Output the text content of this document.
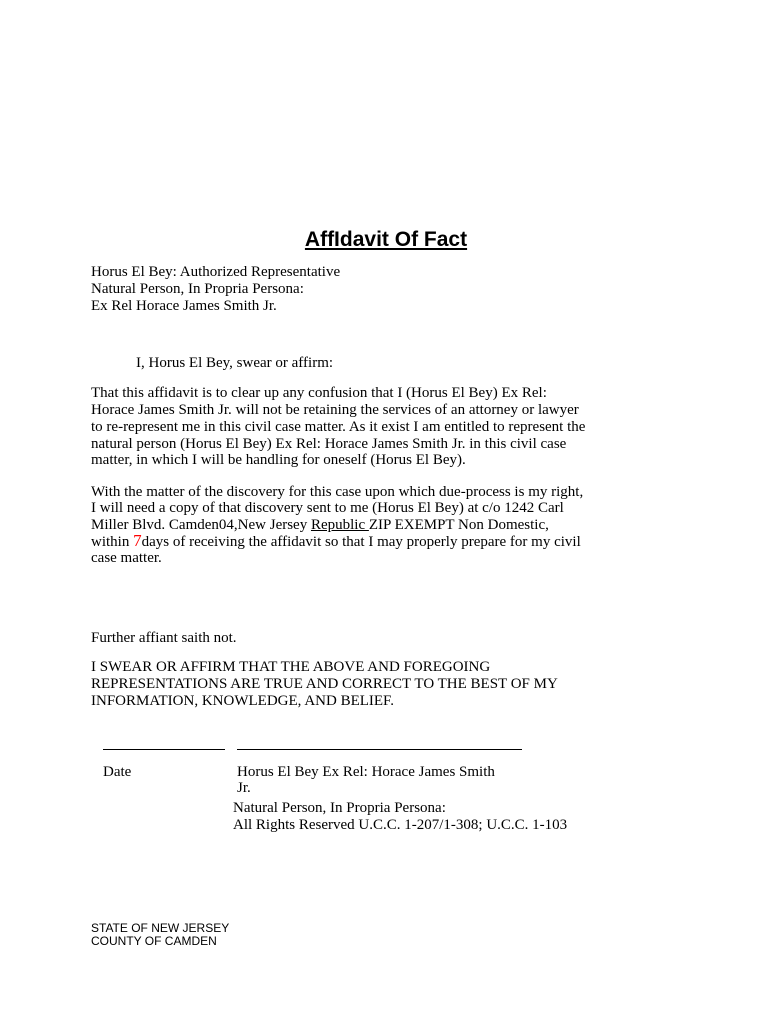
AffIdavit Of Fact
Horus El Bey: Authorized Representative
Natural Person, In Propria Persona:
Ex Rel Horace James Smith Jr.
I, Horus El Bey, swear or affirm:
That this affidavit is to clear up any confusion that I (Horus El Bey) Ex Rel:
Horace James Smith Jr. will not be retaining the services of an attorney or lawyer
to re-represent me in this civil case matter. As it exist I am entitled to represent the
natural person (Horus El Bey) Ex Rel: Horace James Smith Jr. in this civil case
matter, in which I will be handling for oneself (Horus El Bey).
With the matter of the discovery for this case upon which due-process is my right,
I will need a copy of that discovery sent to me (Horus El Bey) at c/o 1242 Carl
Miller Blvd. Camden04,New Jersey Republic ZIP EXEMPT Non Domestic,
within 7days of receiving the affidavit so that I may properly prepare for my civil
case matter.
Further affiant saith not.
I SWEAR OR AFFIRM THAT THE ABOVE AND FOREGOING
REPRESENTATIONS ARE TRUE AND CORRECT TO THE BEST OF MY
INFORMATION, KNOWLEDGE, AND BELIEF.
Date	Horus El Bey Ex Rel: Horace James Smith
Jr.
Natural Person, In Propria Persona:
All Rights Reserved U.C.C. 1-207/1-308; U.C.C. 1-103
STATE OF NEW JERSEY
COUNTY OF CAMDEN
